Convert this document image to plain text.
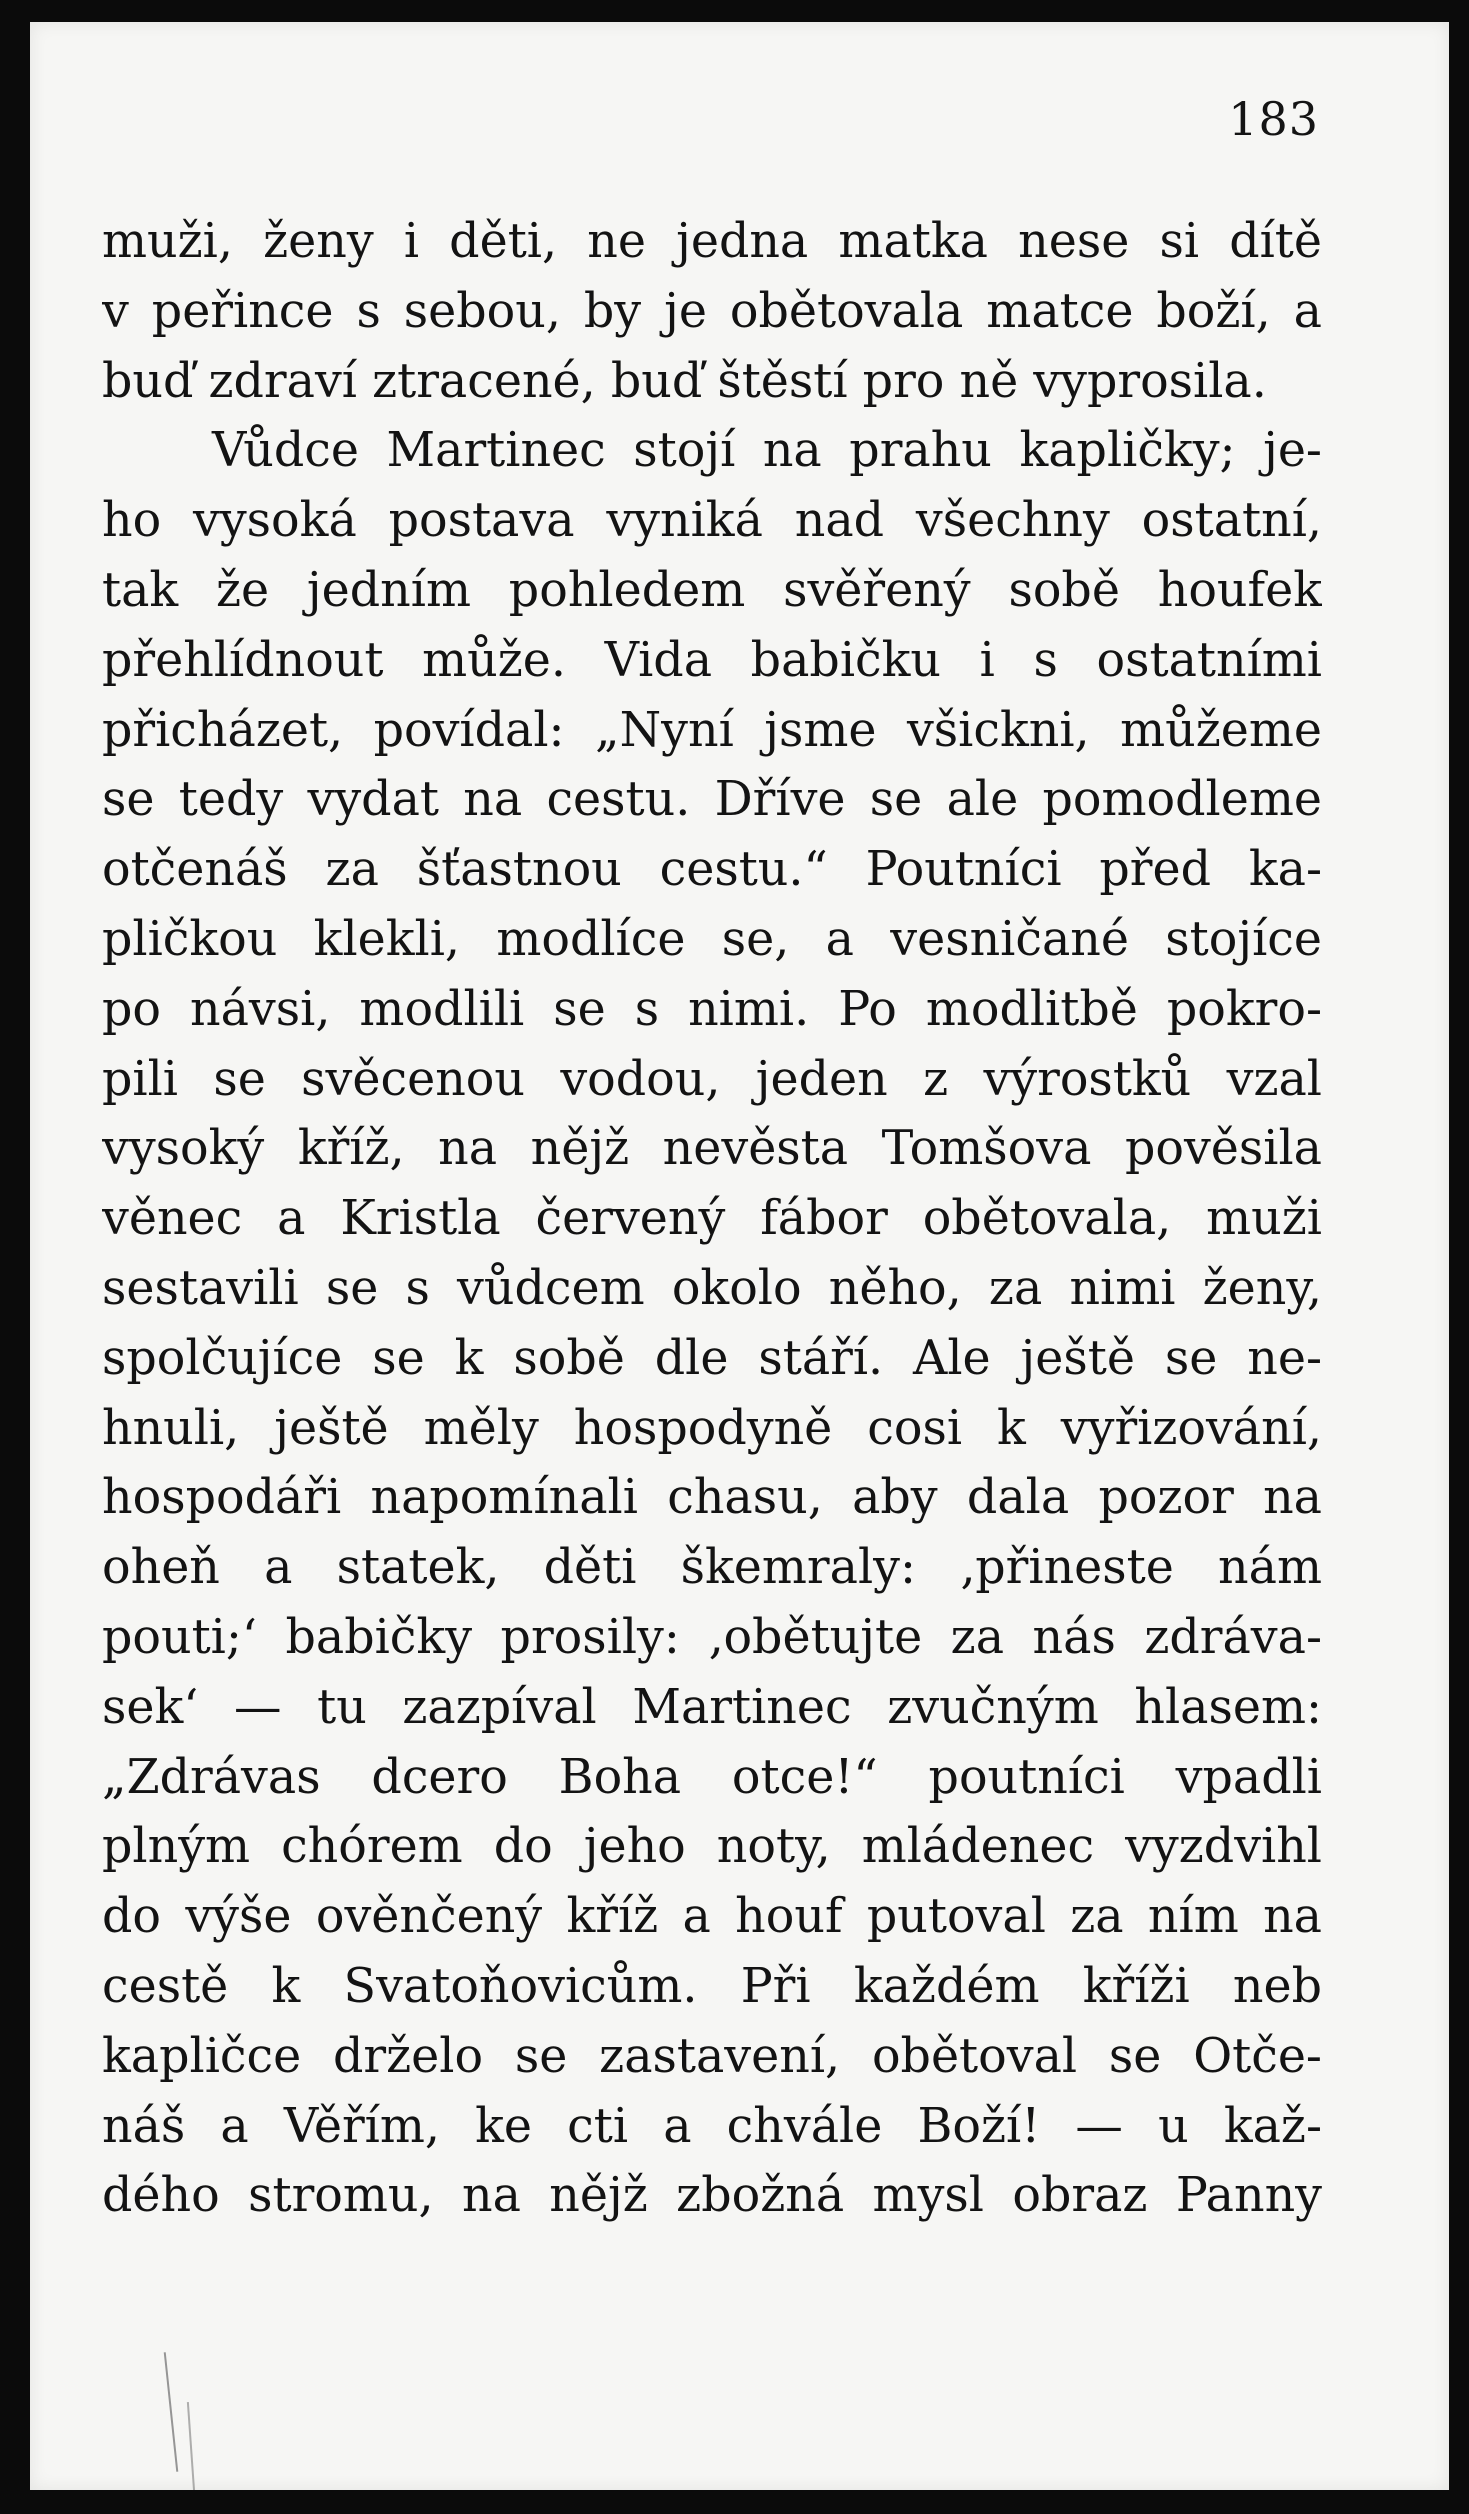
183
muži, ženy i děti, ne jedna matka nese si dítě
v peřince s sebou, by je obětovala matce boží, a
buď zdraví ztracené, buď štěstí pro ně vyprosila.
Vůdce Martinec stojí na prahu kapličky; je-
ho vysoká postava vyniká nad všechny ostatní,
tak že jedním pohledem svěřený sobě houfek
přehlídnout může. Vida babičku i s ostatními
přicházet, povídal: „Nyní jsme všickni, můžeme
se tedy vydat na cestu. Dříve se ale pomodleme
otčenáš za šťastnou cestu.“ Poutníci před ka-
pličkou klekli, modlíce se, a vesničané stojíce
po návsi, modlili se s nimi. Po modlitbě pokro-
pili se svěcenou vodou, jeden z výrostků vzal
vysoký kříž, na nějž nevěsta Tomšova pověsila
věnec a Kristla červený fábor obětovala, muži
sestavili se s vůdcem okolo něho, za nimi ženy,
spolčujíce se k sobě dle stáří. Ale ještě se ne-
hnuli, ještě měly hospodyně cosi k vyřizování,
hospodáři napomínali chasu, aby dala pozor na
oheň a statek, děti škemraly: ‚přineste nám
pouti;‘ babičky prosily: ‚obětujte za nás zdráva-
sek‘ — tu zazpíval Martinec zvučným hlasem:
„Zdrávas dcero Boha otce!“ poutníci vpadli
plným chórem do jeho noty, mládenec vyzdvihl
do výše ověnčený kříž a houf putoval za ním na
cestě k Svatoňovicům. Při každém kříži neb
kapličce drželo se zastavení, obětoval se Otče-
náš a Věřím, ke cti a chvále Boží! — u kaž-
dého stromu, na nějž zbožná mysl obraz Panny
